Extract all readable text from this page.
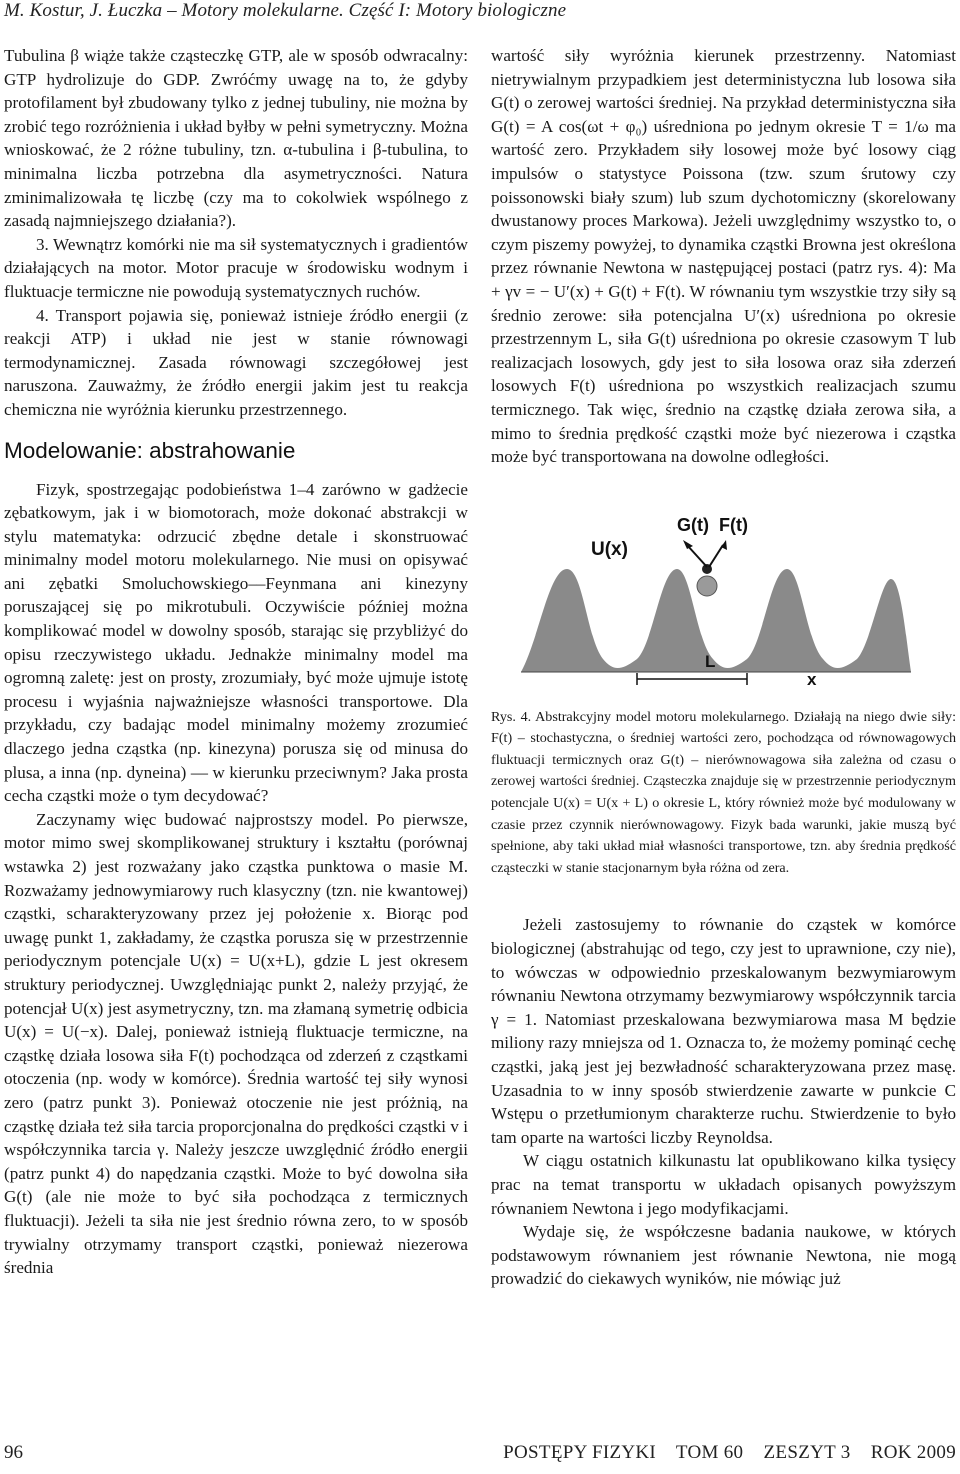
M. Kostur, J. Łuczka – Motory molekularne. Część I: Motory biologiczne

Tubulina β wiąże także cząsteczkę GTP, ale w sposób odwracalny: GTP hydrolizuje do GDP. Zwróćmy uwagę na to, że gdyby protofilament był zbudowany tylko z jednej tubuliny, nie można by zrobić tego rozróżnienia i układ byłby w pełni symetryczny. Można wnioskować, że 2 różne tubuliny, tzn. α-tubulina i β-tubulina, to minimalna liczba potrzebna dla asymetryczności. Natura zminimalizowała tę liczbę (czy ma to cokolwiek wspólnego z zasadą najmniejszego działania?).

3. Wewnątrz komórki nie ma sił systematycznych i gradientów działających na motor. Motor pracuje w środowisku wodnym i fluktuacje termiczne nie powodują systematycznych ruchów.

4. Transport pojawia się, ponieważ istnieje źródło energii (z reakcji ATP) i układ nie jest w stanie równowagi termodynamicznej. Zasada równowagi szczegółowej jest naruszona. Zauważmy, że źródło energii jakim jest tu reakcja chemiczna nie wyróżnia kierunku przestrzennego.

Modelowanie: abstrahowanie

Fizyk, spostrzegając podobieństwa 1–4 zarówno w gadżecie zębatkowym, jak i w biomotorach, może dokonać abstrakcji w stylu matematyka: odrzucić zbędne detale i skonstruować minimalny model motoru molekularnego. Nie musi on opisywać ani zębatki Smoluchowskiego––Feynmana ani kinezyny poruszającej się po mikrotubuli. Oczywiście później można komplikować model w dowolny sposób, starając się przybliżyć do opisu rzeczywistego układu. Jednakże minimalny model ma ogromną zaletę: jest on prosty, zrozumiały, być może ujmuje istotę procesu i wyjaśnia najważniejsze własności transportowe. Dla przykładu, czy badając model minimalny możemy zrozumieć dlaczego jedna cząstka (np. kinezyna) porusza się od minusa do plusa, a inna (np. dyneina) — w kierunku przeciwnym? Jaka prosta cecha cząstki może o tym decydować?

Zaczynamy więc budować najprostszy model. Po pierwsze, motor mimo swej skomplikowanej struktury i kształtu (porównaj wstawka 2) jest rozważany jako cząstka punktowa o masie M. Rozważamy jednowymiarowy ruch klasyczny (tzn. nie kwantowej) cząstki, scharakteryzowany przez jej położenie x. Biorąc pod uwagę punkt 1, zakładamy, że cząstka porusza się w przestrzennie periodycznym potencjale U(x) = U(x+L), gdzie L jest okresem struktury periodycznej. Uwzględniając punkt 2, należy przyjąć, że potencjał U(x) jest asymetryczny, tzn. ma złamaną symetrię odbicia U(x) = U(−x). Dalej, ponieważ istnieją fluktuacje termiczne, na cząstkę działa losowa siła F(t) pochodząca od zderzeń z cząstkami otoczenia (np. wody w komórce). Średnia wartość tej siły wynosi zero (patrz punkt 3). Ponieważ otoczenie nie jest próżnią, na cząstkę działa też siła tarcia proporcjonalna do prędkości cząstki v i współczynnika tarcia γ. Należy jeszcze uwzględnić źródło energii (patrz punkt 4) do napędzania cząstki. Może to być dowolna siła G(t) (ale nie może to być siła pochodząca z termicznych fluktuacji). Jeżeli ta siła nie jest średnio równa zero, to w sposób trywialny otrzymamy transport cząstki, ponieważ niezerowa średnia

wartość siły wyróżnia kierunek przestrzenny. Natomiast nietrywialnym przypadkiem jest deterministyczna lub losowa siła G(t) o zerowej wartości średniej. Na przykład deterministyczna siła G(t) = A cos(ωt + φ₀) uśredniona po jednym okresie T = 1/ω ma wartość zero. Przykładem siły losowej może być losowy ciąg impulsów o statystyce Poissona (tzw. szum śrutowy czy poissonowski biały szum) lub szum dychotomiczny (skorelowany dwustanowy proces Markowa). Jeżeli uwzględnimy wszystko to, o czym piszemy powyżej, to dynamika cząstki Browna jest określona przez równanie Newtona w następującej postaci (patrz rys. 4): Ma + γv = − U′(x) + G(t) + F(t). W równaniu tym wszystkie trzy siły są średnio zerowe: siła potencjalna U′(x) uśredniona po okresie przestrzennym L, siła G(t) uśredniona po okresie czasowym T lub realizacjach losowych, gdy jest to siła losowa oraz siła zderzeń losowych F(t) uśredniona po wszystkich realizacjach szumu termicznego. Tak więc, średnio na cząstkę działa zerowa siła, a mimo to średnia prędkość cząstki może być niezerowa i cząstka może być transportowana na dowolne odległości.

U(x)
G(t) F(t)
L
x

Rys. 4. Abstrakcyjny model motoru molekularnego. Działają na niego dwie siły: F(t) – stochastyczna, o średniej wartości zero, pochodząca od równowagowych fluktuacji termicznych oraz G(t) – nierównowagowa siła zależna od czasu o zerowej wartości średniej. Cząsteczka znajduje się w przestrzennie periodycznym potencjale U(x) = U(x + L) o okresie L, który również może być modulowany w czasie przez czynnik nierównowagowy. Fizyk bada warunki, jakie muszą być spełnione, aby taki układ miał własności transportowe, tzn. aby średnia prędkość cząsteczki w stanie stacjonarnym była różna od zera.

Jeżeli zastosujemy to równanie do cząstek w komórce biologicznej (abstrahując od tego, czy jest to uprawnione, czy nie), to wówczas w odpowiednio przeskalowanym bezwymiarowym równaniu Newtona otrzymamy bezwymiarowy współczynnik tarcia γ = 1. Natomiast przeskalowana bezwymiarowa masa M będzie miliony razy mniejsza od 1. Oznacza to, że możemy pominąć cechę cząstki, jaką jest jej bezwładność scharakteryzowana przez masę. Uzasadnia to w inny sposób stwierdzenie zawarte w punkcie C Wstępu o przetłumionym charakterze ruchu. Stwierdzenie to było tam oparte na wartości liczby Reynoldsa.

W ciągu ostatnich kilkunastu lat opublikowano kilka tysięcy prac na temat transportu w układach opisanych powyższym równaniem Newtona i jego modyfikacjami.

Wydaje się, że współczesne badania naukowe, w których podstawowym równaniem jest równanie Newtona, nie mogą prowadzić do ciekawych wyników, nie mówiąc już

96	POSTĘPY FIZYKI    TOM 60    ZESZYT 3    ROK 2009
